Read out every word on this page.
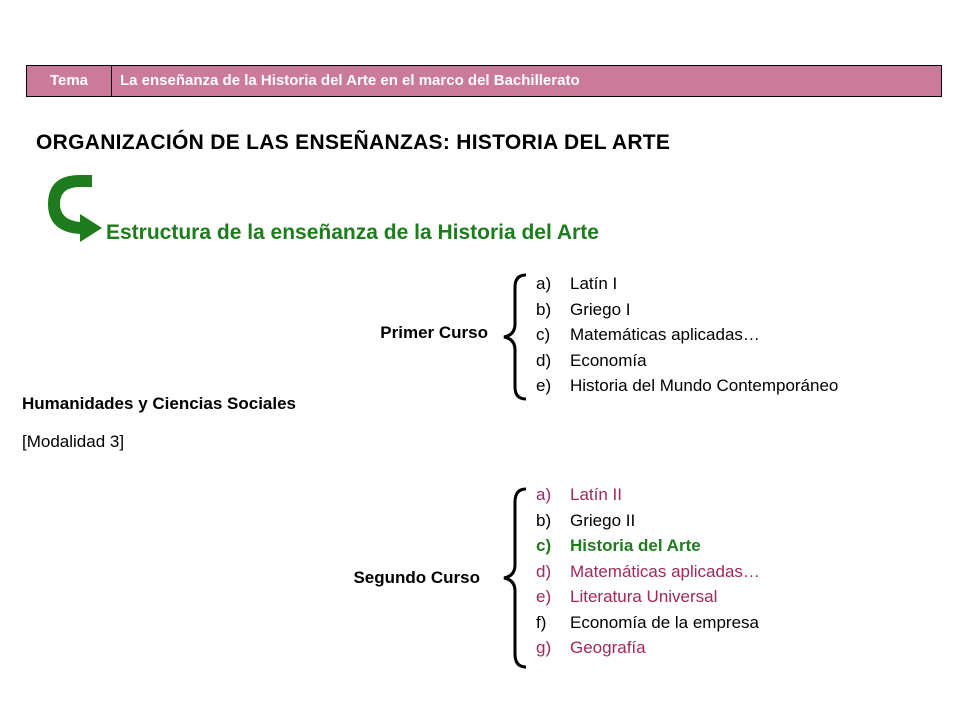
Tema	La enseñanza de la Historia del Arte en el marco del Bachillerato
ORGANIZACIÓN DE LAS ENSEÑANZAS: HISTORIA DEL ARTE
Estructura de la enseñanza de la Historia del Arte
Humanidades y Ciencias Sociales
[Modalidad 3]
Primer Curso
a) Latín I
b) Griego I
c) Matemáticas aplicadas…
d) Economía
e) Historia del Mundo Contemporáneo
Segundo Curso
a) Latín II
b) Griego II
c) Historia del Arte
d) Matemáticas aplicadas…
e) Literatura Universal
f) Economía de la empresa
g) Geografía
